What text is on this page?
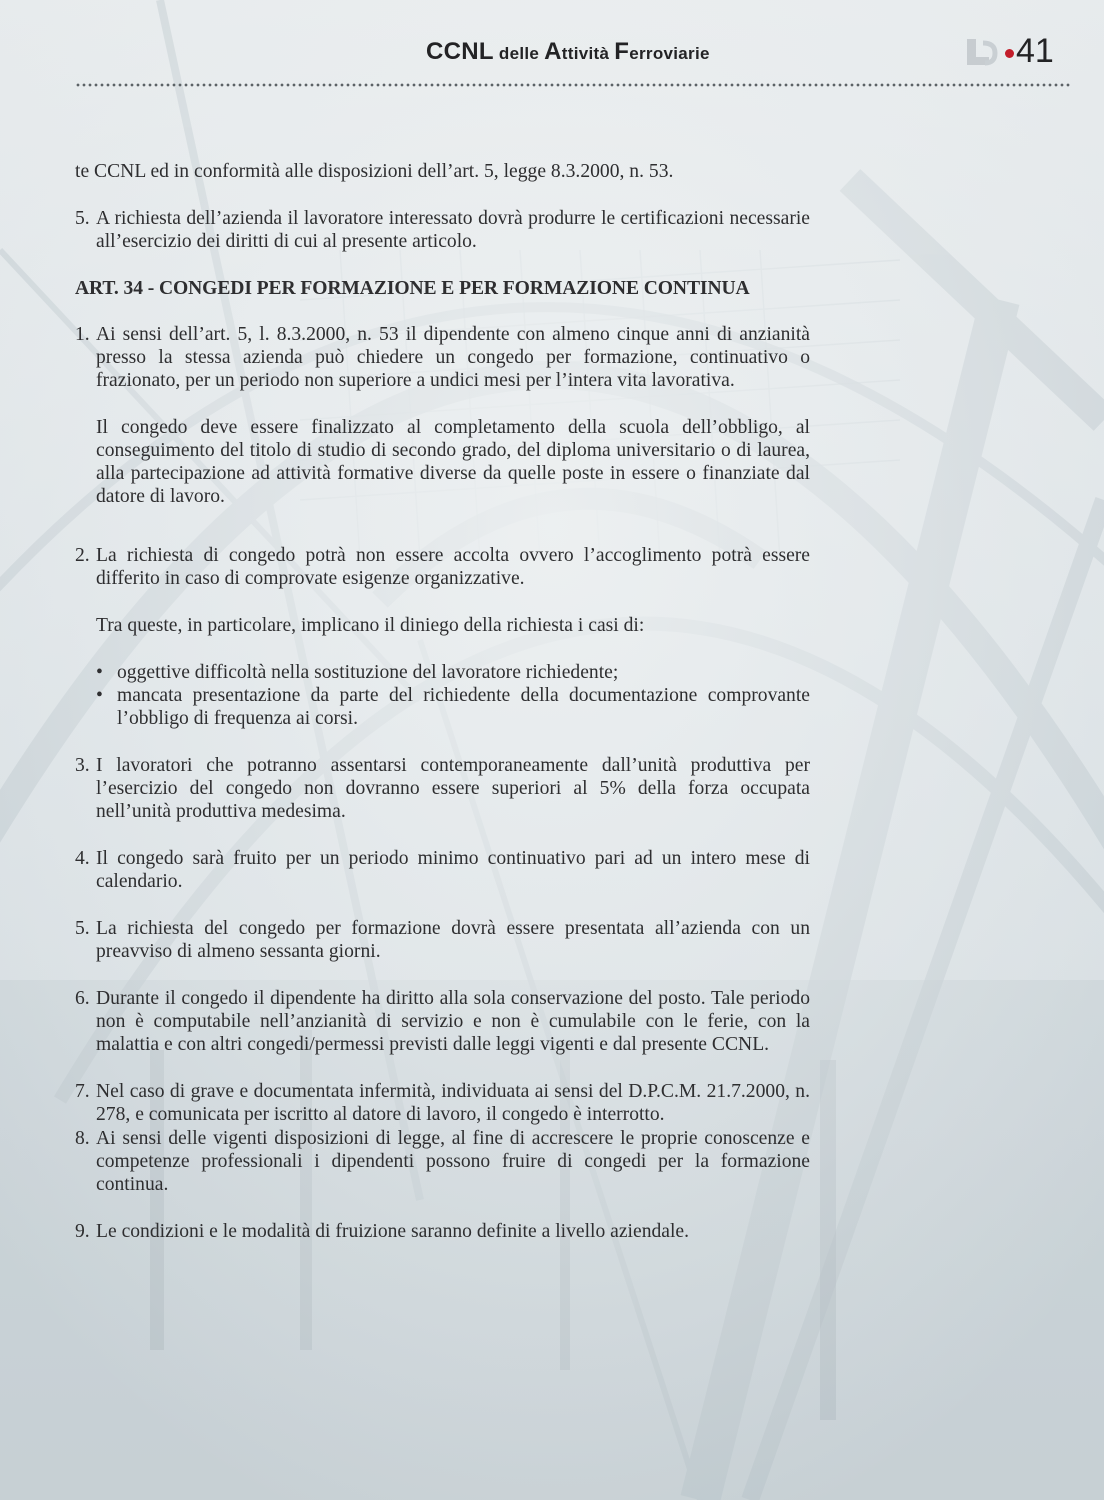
CCNL delle Attività Ferroviarie	41

te CCNL ed in conformità alle disposizioni dell’art. 5, legge 8.3.2000, n. 53.

5. A richiesta dell’azienda il lavoratore interessato dovrà produrre le certificazioni necessarie all’esercizio dei diritti di cui al presente articolo.
ART. 34 - CONGEDI PER FORMAZIONE E PER FORMAZIONE CONTINUA
1. Ai sensi dell’art. 5, l. 8.3.2000, n. 53 il dipendente con almeno cinque anni di anzianità presso la stessa azienda può chiedere un congedo per formazione, continuativo o frazionato, per un periodo non superiore a undici mesi per l’intera vita lavorativa.

Il congedo deve essere finalizzato al completamento della scuola dell’obbligo, al conseguimento del titolo di studio di secondo grado, del diploma universitario o di laurea, alla partecipazione ad attività formative diverse da quelle poste in essere o finanziate dal datore di lavoro.

2. La richiesta di congedo potrà non essere accolta ovvero l’accoglimento potrà essere differito in caso di comprovate esigenze organizzative.

Tra queste, in particolare, implicano il diniego della richiesta i casi di:

• oggettive difficoltà nella sostituzione del lavoratore richiedente;
• mancata presentazione da parte del richiedente della documentazione comprovante l’obbligo di frequenza ai corsi.
3. I lavoratori che potranno assentarsi contemporaneamente dall’unità produttiva per l’esercizio del congedo non dovranno essere superiori al 5% della forza occupata nell’unità produttiva medesima.
4. Il congedo sarà fruito per un periodo minimo continuativo pari ad un intero mese di calendario.
5. La richiesta del congedo per formazione dovrà essere presentata all’azienda con un preavviso di almeno sessanta giorni.
6. Durante il congedo il dipendente ha diritto alla sola conservazione del posto. Tale periodo non è computabile nell’anzianità di servizio e non è cumulabile con le ferie, con la malattia e con altri congedi/permessi previsti dalle leggi vigenti e dal presente CCNL.
7. Nel caso di grave e documentata infermità, individuata ai sensi del D.P.C.M. 21.7.2000, n. 278, e comunicata per iscritto al datore di lavoro, il congedo è interrotto.
8. Ai sensi delle vigenti disposizioni di legge, al fine di accrescere le proprie conoscenze e competenze professionali i dipendenti possono fruire di congedi per la formazione continua.
9. Le condizioni e le modalità di fruizione saranno definite a livello aziendale.
